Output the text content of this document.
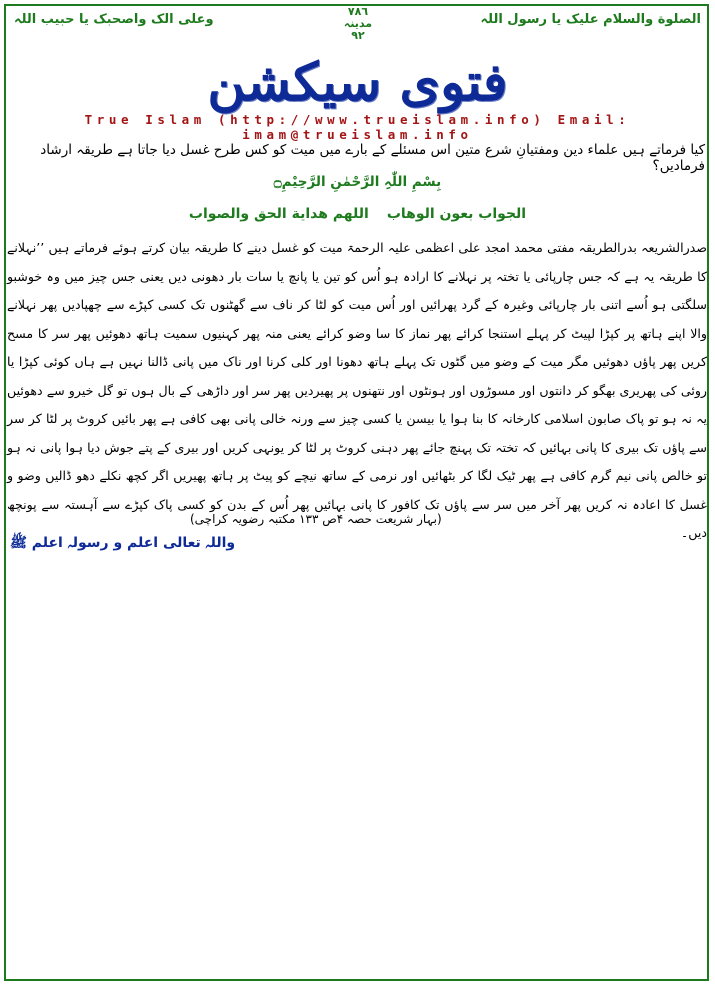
الصلوة والسلام علیک یا رسول اللہ
٧٨٦
مدینہ
٩٢
وعلی الک واصحبک یا حبیب اللہ
فتوی سیکشن
True Islam (http://www.trueislam.info) Email: imam@trueislam.info
کیا فرماتے ہیں علماء دین ومفتیانِ شرع متین اس مسئلے کے بارے میں میت کو کس طرح غسل دیا جاتا ہے طریقہ ارشاد فرمادیں؟
بِسْمِ اللّٰہِ الرَّحْمٰنِ الرَّحِیْمِ۝
الجواب بعون الوھاباللھم ھدایة الحق والصواب

صدرالشریعہ بدرالطریقہ مفتی محمد امجد علی اعظمی علیہ الرحمۃ میت کو غسل دینے کا طریقہ بیان کرتے ہوئے فرماتے ہیں ’’نہلانے کا طریقہ یہ ہے کہ جس چارپائی یا تختہ پر نہلانے کا ارادہ ہو اُس کو تین یا پانچ یا سات بار دھونی دیں یعنی جس چیز میں وہ خوشبو سلگتی ہو اُسے اتنی بار چارپائی وغیرہ کے گرد پھرائیں اور اُس میت کو لٹا کر ناف سے گھٹنوں تک کسی کپڑے سے چھپادیں پھر نہلانے والا اپنے ہاتھ پر کپڑا لپیٹ کر پہلے استنجا کرائے پھر نماز کا سا وضو کرائے یعنی منہ پھر کہنیوں سمیت ہاتھ دھوئیں پھر سر کا مسح کریں پھر پاؤں دھوئیں مگر میت کے وضو میں گٹوں تک پہلے ہاتھ دھونا اور کلی کرنا اور ناک میں پانی ڈالنا نہیں ہے ہاں کوئی کپڑا یا روئی کی پھریری بھگو کر دانتوں اور مسوڑوں اور ہونٹوں اور نتھنوں پر پھیردیں پھر سر اور داڑھی کے بال ہوں تو گل خیرو سے دھوئیں یہ نہ ہو تو پاک صابون اسلامی کارخانہ کا بنا ہوا یا بیسن یا کسی چیز سے ورنہ خالی پانی بھی کافی ہے پھر بائیں کروٹ پر لٹا کر سر سے پاؤں تک بیری کا پانی بہائیں کہ تختہ تک پہنچ جائے پھر دہنی کروٹ پر لٹا کر یونہی کریں اور بیری کے پتے جوش دیا ہوا پانی نہ ہو تو خالص پانی نیم گرم کافی ہے پھر ٹیک لگا کر بٹھائیں اور نرمی کے ساتھ نیچے کو پیٹ پر ہاتھ پھیریں اگر کچھ نکلے دھو ڈالیں وضو و غسل کا اعادہ نہ کریں پھر آخر میں سر سے پاؤں تک کافور کا پانی بہائیں پھر اُس کے بدن کو کسی پاک کپڑے سے آہستہ سے پونچھ دیں۔

(بہار شریعت حصہ ۴ص ۱۳۳ مکتبہ رضویہ کراچی)
واللہ تعالی اعلم و رسولہ اعلم ﷺ
